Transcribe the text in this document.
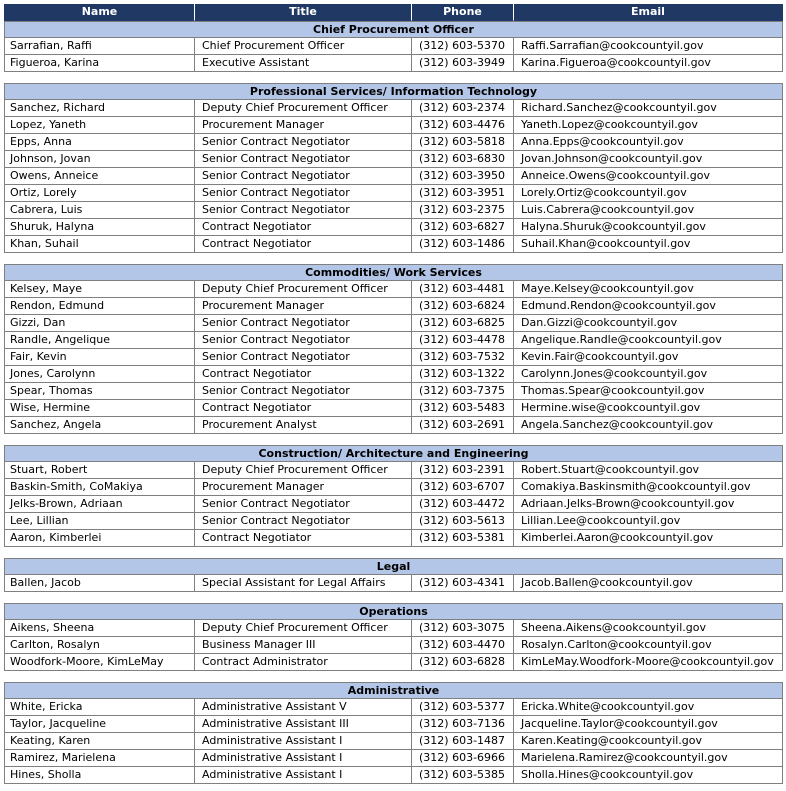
Name	Title	Phone	Email
Chief Procurement Officer
Sarrafian, Raffi	Chief Procurement Officer	(312) 603-5370	Raffi.Sarrafian@cookcountyil.gov
Figueroa, Karina	Executive Assistant	(312) 603-3949	Karina.Figueroa@cookcountyil.gov
Professional Services/ Information Technology
Sanchez, Richard	Deputy Chief Procurement Officer	(312) 603-2374	Richard.Sanchez@cookcountyil.gov
Lopez, Yaneth	Procurement Manager	(312) 603-4476	Yaneth.Lopez@cookcountyil.gov
Epps, Anna	Senior Contract Negotiator	(312) 603-5818	Anna.Epps@cookcountyil.gov
Johnson, Jovan	Senior Contract Negotiator	(312) 603-6830	Jovan.Johnson@cookcountyil.gov
Owens, Anneice	Senior Contract Negotiator	(312) 603-3950	Anneice.Owens@cookcountyil.gov
Ortiz, Lorely	Senior Contract Negotiator	(312) 603-3951	Lorely.Ortiz@cookcountyil.gov
Cabrera, Luis	Senior Contract Negotiator	(312) 603-2375	Luis.Cabrera@cookcountyil.gov
Shuruk, Halyna	Contract Negotiator	(312) 603-6827	Halyna.Shuruk@cookcountyil.gov
Khan, Suhail	Contract Negotiator	(312) 603-1486	Suhail.Khan@cookcountyil.gov
Commodities/ Work Services
Kelsey, Maye	Deputy Chief Procurement Officer	(312) 603-4481	Maye.Kelsey@cookcountyil.gov
Rendon, Edmund	Procurement Manager	(312) 603-6824	Edmund.Rendon@cookcountyil.gov
Gizzi, Dan	Senior Contract Negotiator	(312) 603-6825	Dan.Gizzi@cookcountyil.gov
Randle, Angelique	Senior Contract Negotiator	(312) 603-4478	Angelique.Randle@cookcountyil.gov
Fair, Kevin	Senior Contract Negotiator	(312) 603-7532	Kevin.Fair@cookcountyil.gov
Jones, Carolynn	Contract Negotiator	(312) 603-1322	Carolynn.Jones@cookcountyil.gov
Spear, Thomas	Senior Contract Negotiator	(312) 603-7375	Thomas.Spear@cookcountyil.gov
Wise, Hermine	Contract Negotiator	(312) 603-5483	Hermine.wise@cookcountyil.gov
Sanchez, Angela	Procurement Analyst	(312) 603-2691	Angela.Sanchez@cookcountyil.gov
Construction/ Architecture and Engineering
Stuart, Robert	Deputy Chief Procurement Officer	(312) 603-2391	Robert.Stuart@cookcountyil.gov
Baskin-Smith, CoMakiya	Procurement Manager	(312) 603-6707	Comakiya.Baskinsmith@cookcountyil.gov
Jelks-Brown, Adriaan	Senior Contract Negotiator	(312) 603-4472	Adriaan.Jelks-Brown@cookcountyil.gov
Lee, Lillian	Senior Contract Negotiator	(312) 603-5613	Lillian.Lee@cookcountyil.gov
Aaron, Kimberlei	Contract Negotiator	(312) 603-5381	Kimberlei.Aaron@cookcountyil.gov
Legal
Ballen, Jacob	Special Assistant for Legal Affairs	(312) 603-4341	Jacob.Ballen@cookcountyil.gov
Operations
Aikens, Sheena	Deputy Chief Procurement Officer	(312) 603-3075	Sheena.Aikens@cookcountyil.gov
Carlton, Rosalyn	Business Manager III	(312) 603-4470	Rosalyn.Carlton@cookcountyil.gov
Woodfork-Moore, KimLeMay	Contract Administrator	(312) 603-6828	KimLeMay.Woodfork-Moore@cookcountyil.gov
Administrative
White, Ericka	Administrative Assistant V	(312) 603-5377	Ericka.White@cookcountyil.gov
Taylor, Jacqueline	Administrative Assistant III	(312) 603-7136	Jacqueline.Taylor@cookcountyil.gov
Keating, Karen	Administrative Assistant I	(312) 603-1487	Karen.Keating@cookcountyil.gov
Ramirez, Marielena	Administrative Assistant I	(312) 603-6966	Marielena.Ramirez@cookcountyil.gov
Hines, Sholla	Administrative Assistant I	(312) 603-5385	Sholla.Hines@cookcountyil.gov
